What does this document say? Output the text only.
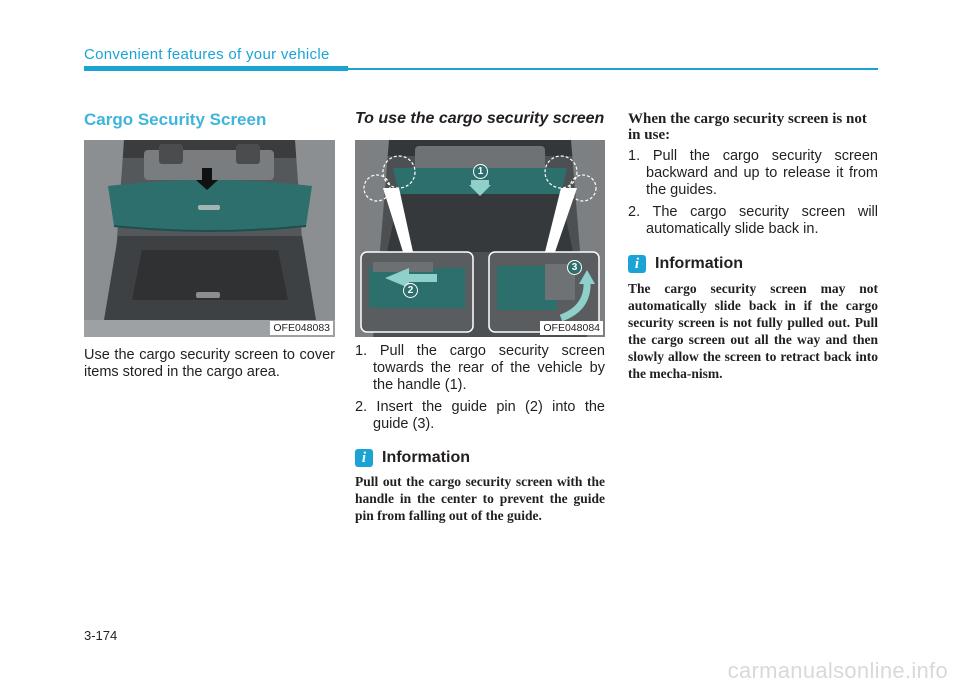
Convenient features of your vehicle
Cargo Security Screen
OFE048083
Use the cargo security screen to cover items stored in the cargo area.
To use the cargo security screen
1
2
3
OFE048084
1. Pull the cargo security screen towards the rear of the vehicle by the handle (1).
2. Insert the guide pin (2) into the guide (3).
i Information
Pull out the cargo security screen with the handle in the center to prevent the guide pin from falling out of the guide.
When the cargo security screen is not in use:
1. Pull the cargo security screen backward and up to release it from the guides.
2. The cargo security screen will automatically slide back in.
i Information
The cargo security screen may not automatically slide back in if the cargo security screen is not fully pulled out. Pull the cargo screen out all the way and then slowly allow the screen to retract back into the mecha-nism.
3-174
carmanualsonline.info
